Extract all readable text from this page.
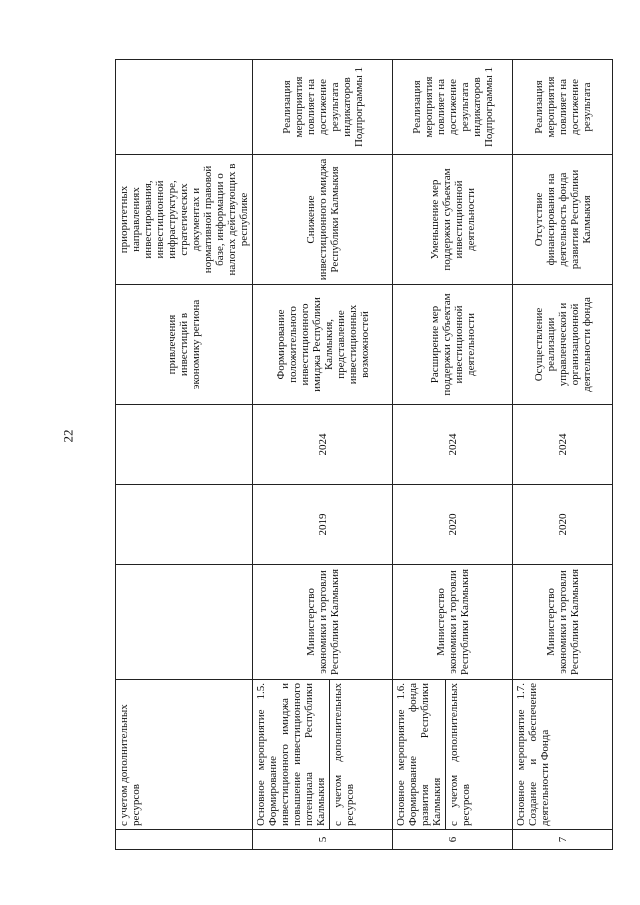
22
	с учетом дополнительных ресурсов				привлечения инвестиций в экономику региона	приоритетных направлениях инвестирования, инвестиционной инфраструктуре, стратегических документах и нормативной правовой базе, информации о налогах действующих в республике	
5	Основное мероприятие 1.5. Формирование инвестиционного имиджа и повышение инвестиционного потенциала Республики Калмыкия с учетом дополнительных ресурсов	Министерство экономики и торговли Республики Калмыкия	2019	2024	Формирование положительного инвестиционного имиджа Республики Калмыкия, представление инвестиционных возможностей	Снижение инвестиционного имиджа Республики Калмыкия	Реализация мероприятия повлияет на достижение результата индикаторов Подпрограммы 1
6	Основное мероприятие 1.6. Формирование фонда развития Республики Калмыкия с учетом дополнительных ресурсов	Министерство экономики и торговли Республики Калмыкия	2020	2024	Расширение мер поддержки субъектам инвестиционной деятельности	Уменьшение мер поддержки субъектам инвестиционной деятельности	Реализация мероприятия повлияет на достижение результата индикаторов Подпрограммы 1
7	Основное мероприятие 1.7. Создание и обеспечение деятельности Фонда	Министерство экономики и торговли Республики Калмыкия	2020	2024	Осуществление реализации управленческой и организационной деятельности фонда	Отсутствие финансирования на деятельность фонда развития Республики Калмыкия	Реализация мероприятия повлияет на достижение результата
